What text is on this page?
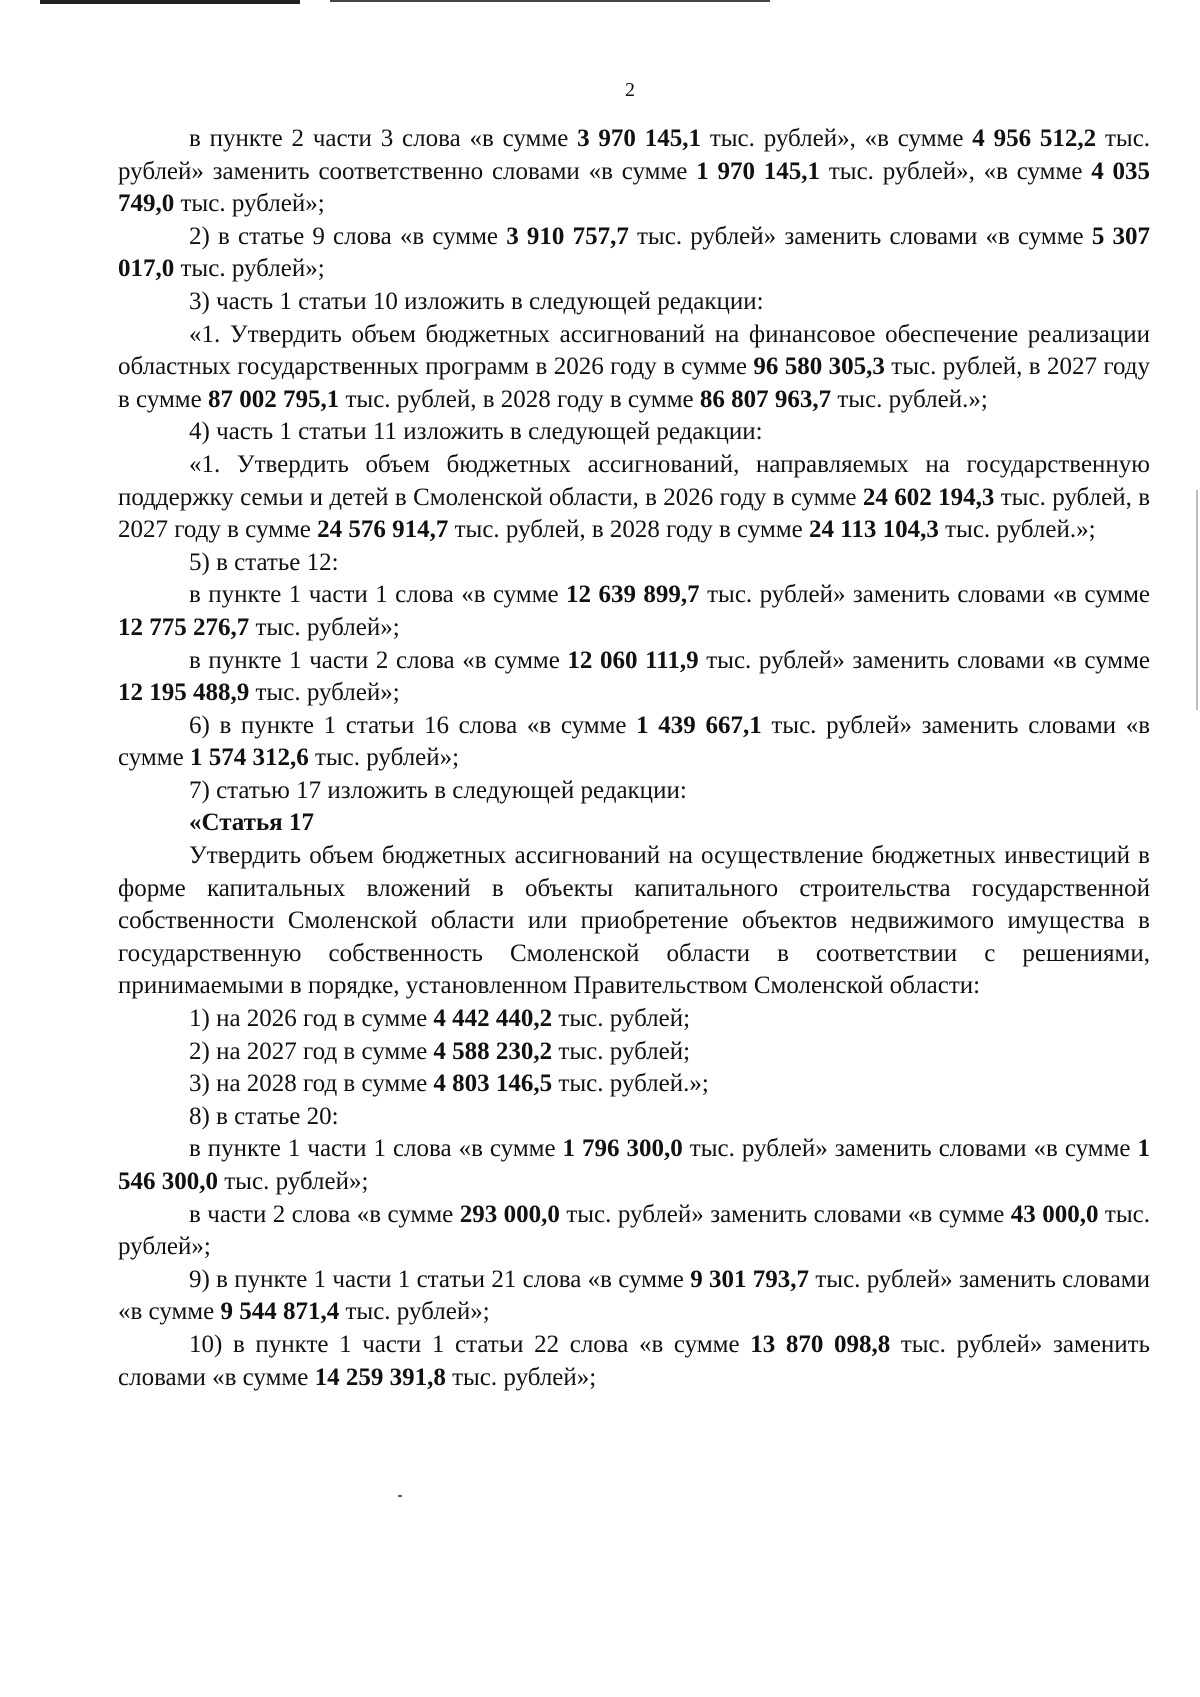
2

в пункте 2 части 3 слова «в сумме 3 970 145,1 тыс. рублей», «в сумме 4 956 512,2 тыс. рублей» заменить соответственно словами «в сумме 1 970 145,1 тыс. рублей», «в сумме 4 035 749,0 тыс. рублей»;

2) в статье 9 слова «в сумме 3 910 757,7 тыс. рублей» заменить словами «в сумме 5 307 017,0 тыс. рублей»;

3) часть 1 статьи 10 изложить в следующей редакции:

«1. Утвердить объем бюджетных ассигнований на финансовое обеспечение реализации областных государственных программ в 2026 году в сумме 96 580 305,3 тыс. рублей, в 2027 году в сумме 87 002 795,1 тыс. рублей, в 2028 году в сумме 86 807 963,7 тыс. рублей.»;

4) часть 1 статьи 11 изложить в следующей редакции:

«1. Утвердить объем бюджетных ассигнований, направляемых на государственную поддержку семьи и детей в Смоленской области, в 2026 году в сумме 24 602 194,3 тыс. рублей, в 2027 году в сумме 24 576 914,7 тыс. рублей, в 2028 году в сумме 24 113 104,3 тыс. рублей.»;

5) в статье 12:

в пункте 1 части 1 слова «в сумме 12 639 899,7 тыс. рублей» заменить словами «в сумме 12 775 276,7 тыс. рублей»;

в пункте 1 части 2 слова «в сумме 12 060 111,9 тыс. рублей» заменить словами «в сумме 12 195 488,9 тыс. рублей»;

6) в пункте 1 статьи 16 слова «в сумме 1 439 667,1 тыс. рублей» заменить словами «в сумме 1 574 312,6 тыс. рублей»;

7) статью 17 изложить в следующей редакции:

«Статья 17

Утвердить объем бюджетных ассигнований на осуществление бюджетных инвестиций в форме капитальных вложений в объекты капитального строительства государственной собственности Смоленской области или приобретение объектов недвижимого имущества в государственную собственность Смоленской области в соответствии с решениями, принимаемыми в порядке, установленном Правительством Смоленской области:

1) на 2026 год в сумме 4 442 440,2 тыс. рублей;

2) на 2027 год в сумме 4 588 230,2 тыс. рублей;

3) на 2028 год в сумме 4 803 146,5 тыс. рублей.»;

8) в статье 20:

в пункте 1 части 1 слова «в сумме 1 796 300,0 тыс. рублей» заменить словами «в сумме 1 546 300,0 тыс. рублей»;

в части 2 слова «в сумме 293 000,0 тыс. рублей» заменить словами «в сумме 43 000,0 тыс. рублей»;

9) в пункте 1 части 1 статьи 21 слова «в сумме 9 301 793,7 тыс. рублей» заменить словами «в сумме 9 544 871,4 тыс. рублей»;

10) в пункте 1 части 1 статьи 22 слова «в сумме 13 870 098,8 тыс. рублей» заменить словами «в сумме 14 259 391,8 тыс. рублей»;
